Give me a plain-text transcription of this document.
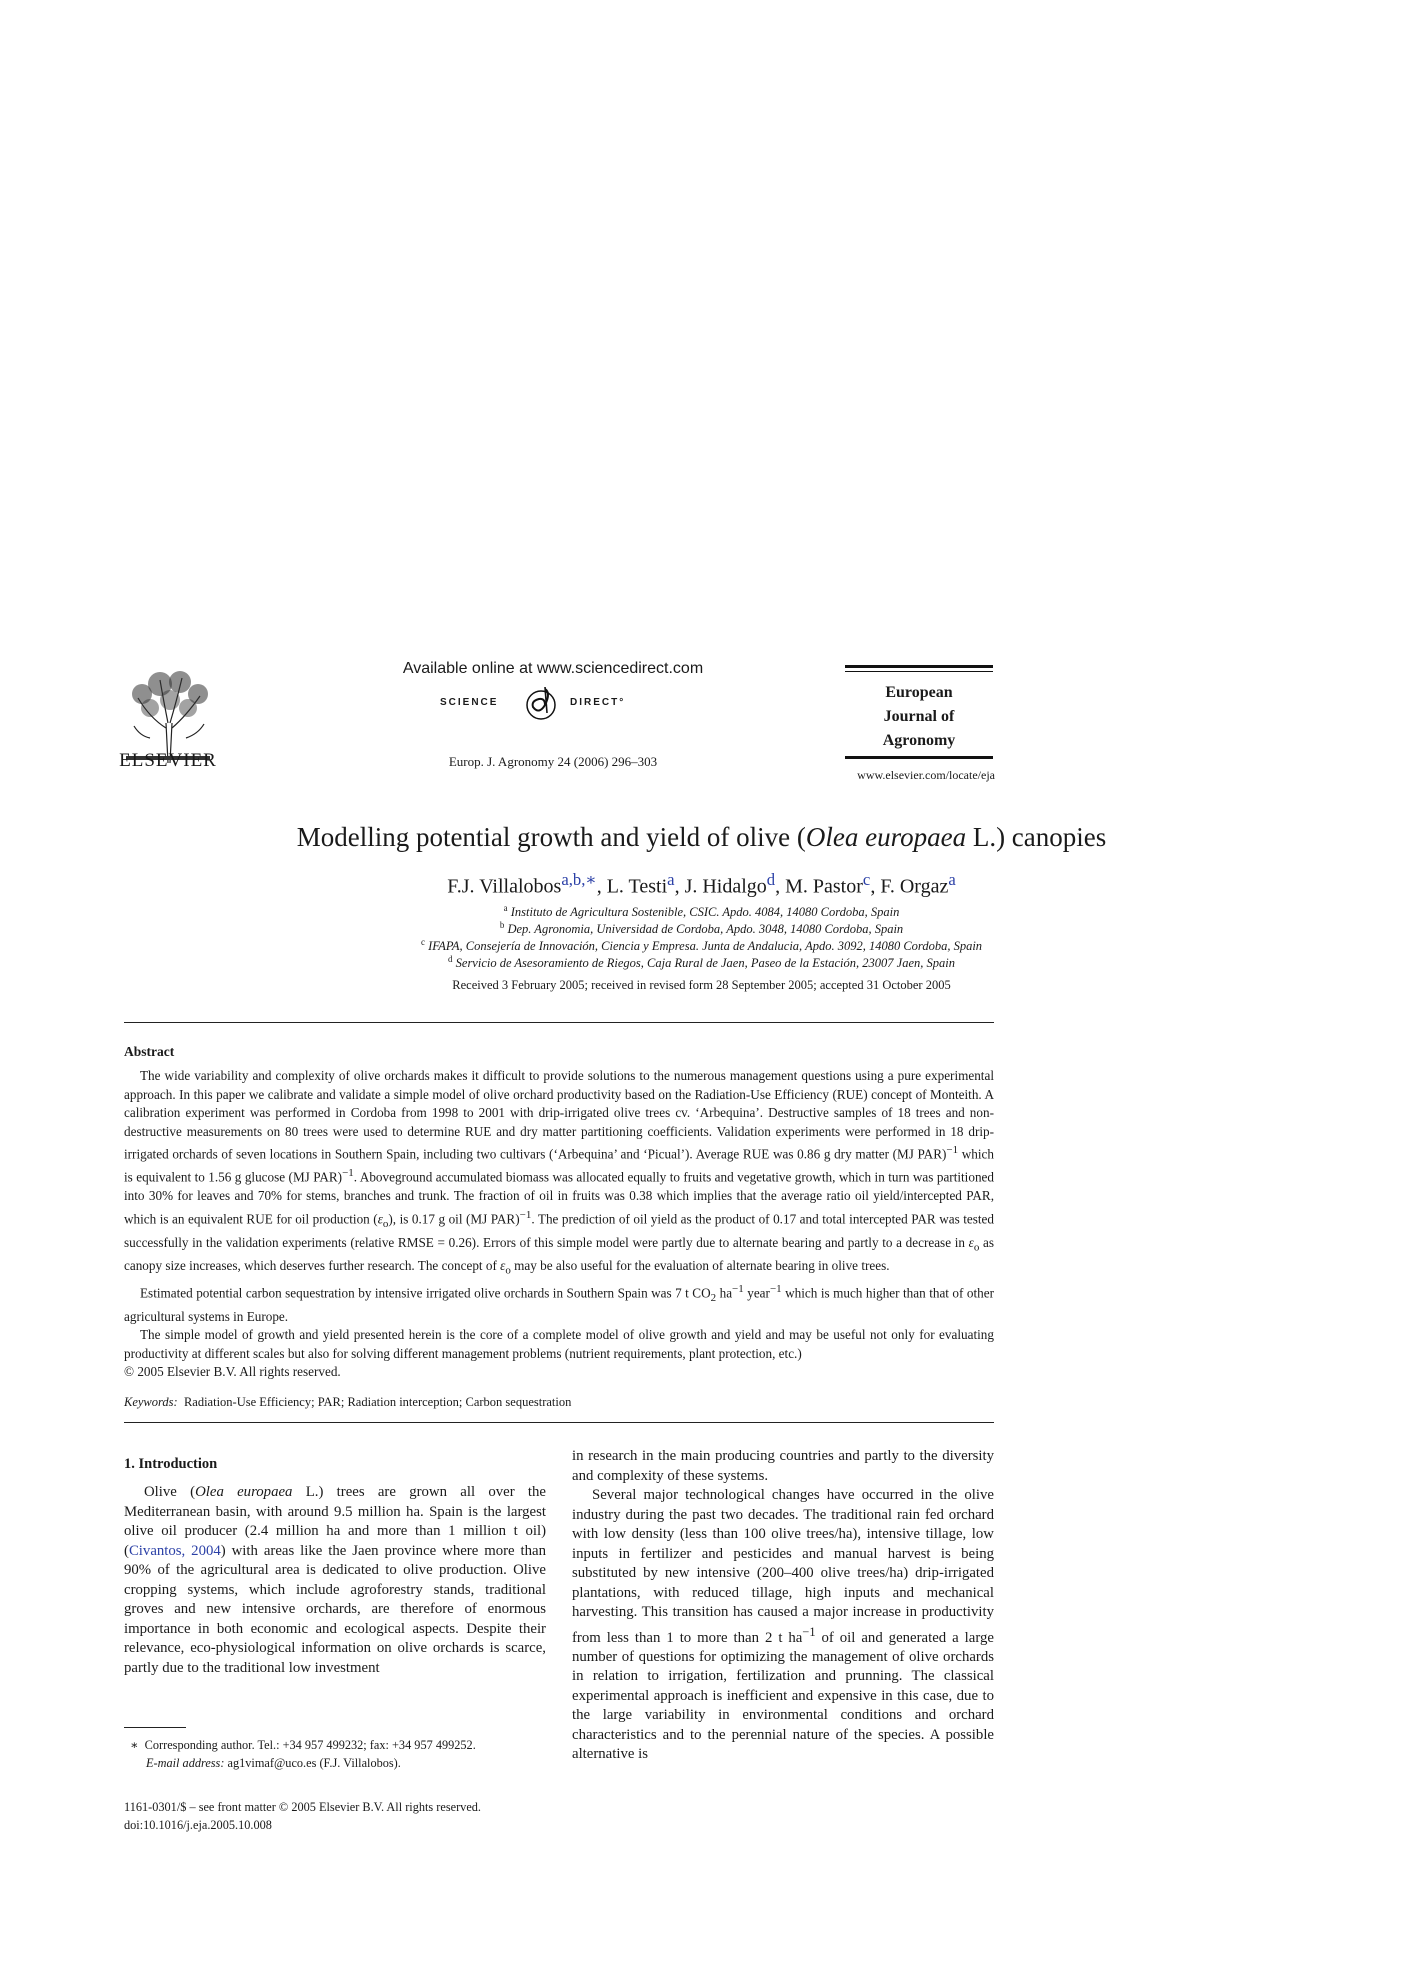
ELSEVIER
Available online at www.sciencedirect.com
SCIENCE	DIRECT°
Europ. J. Agronomy 24 (2006) 296–303
European
Journal of
Agronomy
www.elsevier.com/locate/eja
Modelling potential growth and yield of olive (Olea europaea L.) canopies
F.J. Villalobos$^{a,b,∗}$, L. Testi$^a$, J. Hidalgo$^d$, M. Pastor$^c$, F. Orgaz$^a$
$^a$ Instituto de Agricultura Sostenible, CSIC. Apdo. 4084, 14080 Cordoba, Spain
$^b$ Dep. Agronomia, Universidad de Cordoba, Apdo. 3048, 14080 Cordoba, Spain
$^c$ IFAPA, Consejería de Innovación, Ciencia y Empresa. Junta de Andalucia, Apdo. 3092, 14080 Cordoba, Spain
$^d$ Servicio de Asesoramiento de Riegos, Caja Rural de Jaen, Paseo de la Estación, 23007 Jaen, Spain
Received 3 February 2005; received in revised form 28 September 2005; accepted 31 October 2005
Abstract

The wide variability and complexity of olive orchards makes it difficult to provide solutions to the numerous management questions using a pure experimental approach. In this paper we calibrate and validate a simple model of olive orchard productivity based on the Radiation-Use Efficiency (RUE) concept of Monteith. A calibration experiment was performed in Cordoba from 1998 to 2001 with drip-irrigated olive trees cv. ‘Arbequina’. Destructive samples of 18 trees and non-destructive measurements on 80 trees were used to determine RUE and dry matter partitioning coefficients. Validation experiments were performed in 18 drip-irrigated orchards of seven locations in Southern Spain, including two cultivars (‘Arbequina’ and ‘Picual’). Average RUE was 0.86 g dry matter (MJ PAR)$^{-1}$ which is equivalent to 1.56 g glucose (MJ PAR)$^{-1}$. Aboveground accumulated biomass was allocated equally to fruits and vegetative growth, which in turn was partitioned into 30% for leaves and 70% for stems, branches and trunk. The fraction of oil in fruits was 0.38 which implies that the average ratio oil yield/intercepted PAR, which is an equivalent RUE for oil production $(\varepsilon_o)$, is 0.17 g oil (MJ PAR)$^{-1}$. The prediction of oil yield as the product of 0.17 and total intercepted PAR was tested successfully in the validation experiments (relative RMSE = 0.26). Errors of this simple model were partly due to alternate bearing and partly to a decrease in $\varepsilon_o$ as canopy size increases, which deserves further research. The concept of $\varepsilon_o$ may be also useful for the evaluation of alternate bearing in olive trees.

Estimated potential carbon sequestration by intensive irrigated olive orchards in Southern Spain was 7 t $CO_2$ $ha^{-1}$ year$^{-1}$ which is much higher than that of other agricultural systems in Europe.

The simple model of growth and yield presented herein is the core of a complete model of olive growth and yield and may be useful not only for evaluating productivity at different scales but also for solving different management problems (nutrient requirements, plant protection, etc.)

© 2005 Elsevier B.V. All rights reserved.

Keywords: Radiation-Use Efficiency; PAR; Radiation interception; Carbon sequestration
1. Introduction

Olive (Olea europaea L.) trees are grown all over the Mediterranean basin, with around 9.5 million ha. Spain is the largest olive oil producer (2.4 million ha and more than 1 million t oil) (Civantos, 2004) with areas like the Jaen province where more than 90% of the agricultural area is dedicated to olive production. Olive cropping systems, which include agroforestry stands, traditional groves and new intensive orchards, are therefore of enormous importance in both economic and ecological aspects. Despite their relevance, eco-physiological information on olive orchards is scarce, partly due to the traditional low investment

in research in the main producing countries and partly to the diversity and complexity of these systems.

Several major technological changes have occurred in the olive industry during the past two decades. The traditional rain fed orchard with low density (less than 100 olive trees/ha), intensive tillage, low inputs in fertilizer and pesticides and manual harvest is being substituted by new intensive (200–400 olive trees/ha) drip-irrigated plantations, with reduced tillage, high inputs and mechanical harvesting. This transition has caused a major increase in productivity from less than 1 to more than 2 t $ha^{-1}$ of oil and generated a large number of questions for optimizing the management of olive orchards in relation to irrigation, fertilization and prunning. The classical experimental approach is inefficient and expensive in this case, due to the large variability in environmental conditions and orchard characteristics and to the perennial nature of the species. A possible alternative is

∗ Corresponding author. Tel.: +34 957 499232; fax: +34 957 499252.
E-mail address: ag1vimaf@uco.es (F.J. Villalobos).
1161-0301/$ – see front matter © 2005 Elsevier B.V. All rights reserved.
doi:10.1016/j.eja.2005.10.008
